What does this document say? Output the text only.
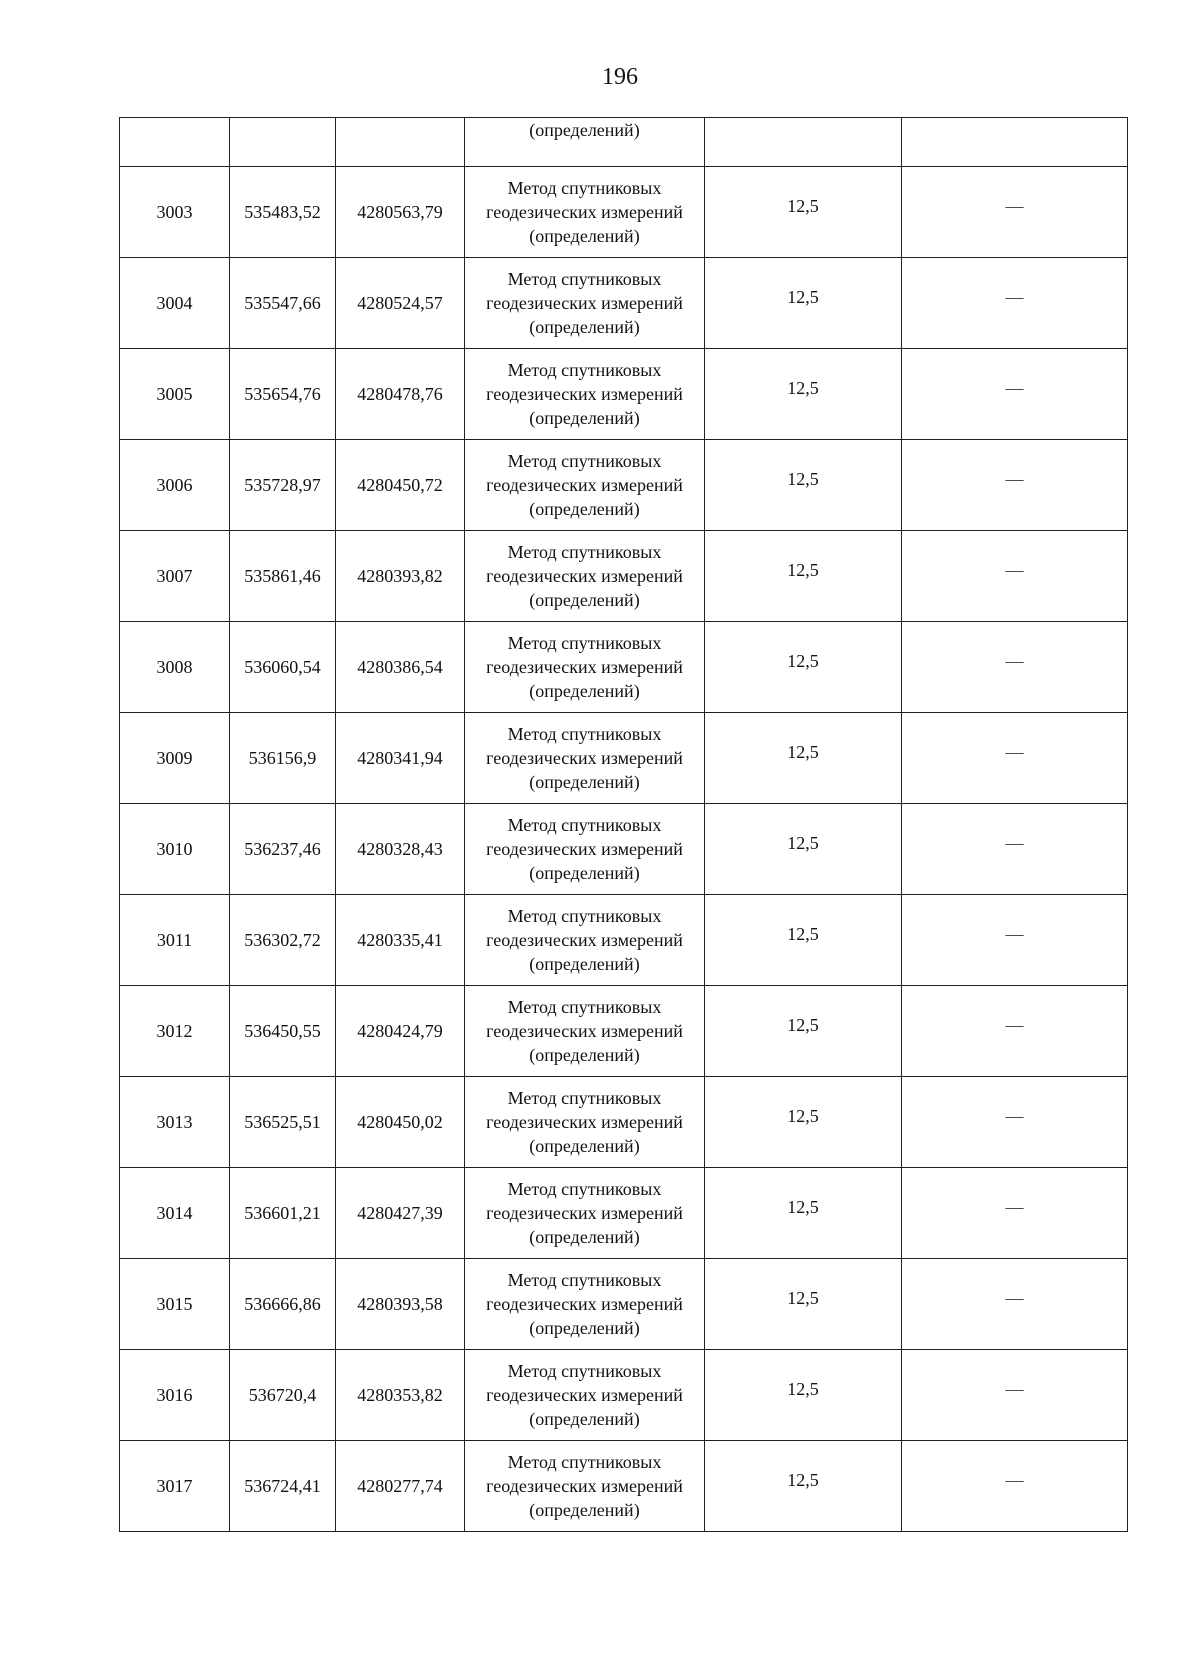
196

			(определений)		

3003	535483,52	4280563,79	Метод спутниковых
геодезических измерений
(определений)	12,5	—
3004	535547,66	4280524,57	Метод спутниковых
геодезических измерений
(определений)	12,5	—
3005	535654,76	4280478,76	Метод спутниковых
геодезических измерений
(определений)	12,5	—
3006	535728,97	4280450,72	Метод спутниковых
геодезических измерений
(определений)	12,5	—
3007	535861,46	4280393,82	Метод спутниковых
геодезических измерений
(определений)	12,5	—
3008	536060,54	4280386,54	Метод спутниковых
геодезических измерений
(определений)	12,5	—
3009	536156,9	4280341,94	Метод спутниковых
геодезических измерений
(определений)	12,5	—
3010	536237,46	4280328,43	Метод спутниковых
геодезических измерений
(определений)	12,5	—
3011	536302,72	4280335,41	Метод спутниковых
геодезических измерений
(определений)	12,5	—
3012	536450,55	4280424,79	Метод спутниковых
геодезических измерений
(определений)	12,5	—
3013	536525,51	4280450,02	Метод спутниковых
геодезических измерений
(определений)	12,5	—
3014	536601,21	4280427,39	Метод спутниковых
геодезических измерений
(определений)	12,5	—
3015	536666,86	4280393,58	Метод спутниковых
геодезических измерений
(определений)	12,5	—
3016	536720,4	4280353,82	Метод спутниковых
геодезических измерений
(определений)	12,5	—
3017	536724,41	4280277,74	Метод спутниковых
геодезических измерений
(определений)	12,5	—
